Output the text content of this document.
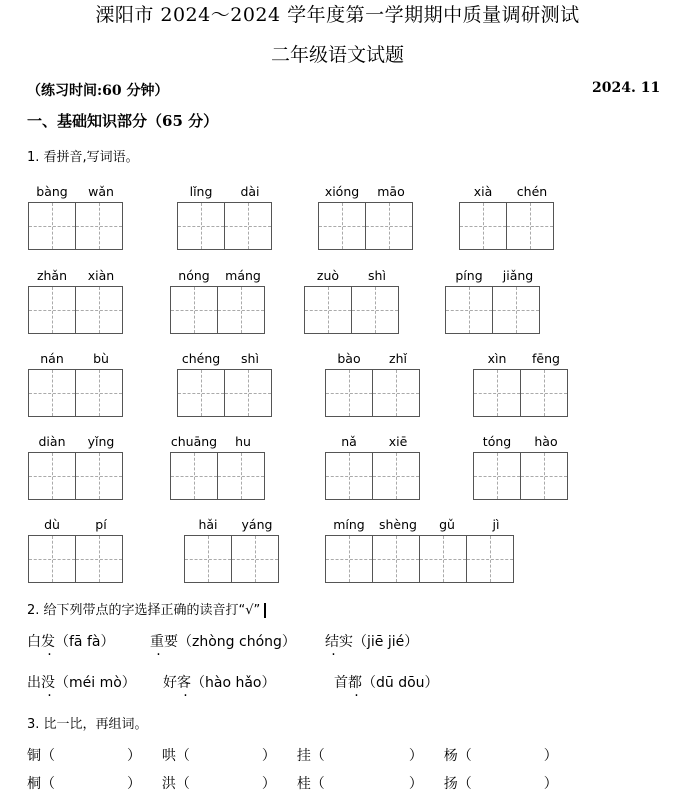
溧阳市 2024～2024 学年度第一学期期中质量调研测试
二年级语文试题
（练习时间:60 分钟）	2024. 11
一、基础知识部分（65 分）
1. 看拼音,写词语。
bàng	wǎn	lǐng	dài	xióng	māo	xià	chén
zhǎn	xiàn	nóng	máng	zuò	shì	píng	jiǎng
nán	bù	chéng	shì	bào	zhǐ	xìn	fēng
diàn	yǐng	chuāng	hu	nǎ	xiē	tóng	hào
dù	pí	hǎi	yáng	míng	shèng	gǔ	jì
2. 给下列带点的字选择正确的读音打“√”
白发（fā fà）	重要（zhòng chóng） 结实（jiē jié）
出没（méi mò） 好客（hào hǎo）	首都（dū dōu）
3. 比一比，再组词。
铜（	） 哄（	） 挂（	） 杨（	）
桐（	） 洪（	） 桂（	） 扬（	）
